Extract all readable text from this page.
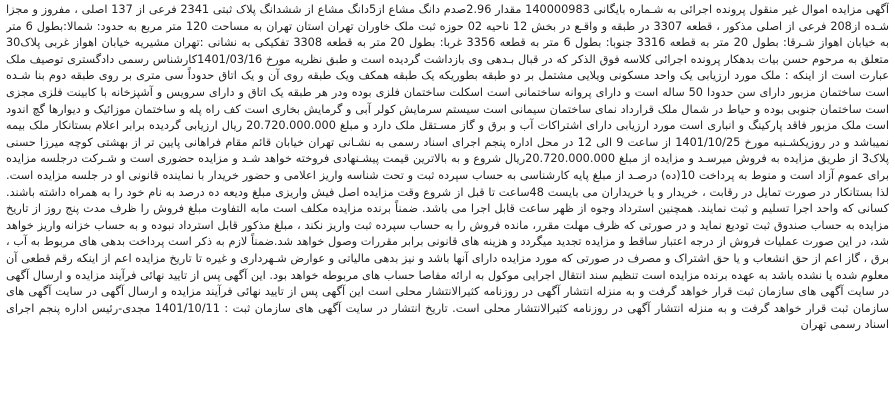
آگهی مزایده اموال غیر منقول پرونده اجرائی به شـماره بایگانی 140000983 مقدار 2.96صدم دانگ مشاع از5دانگ مشاع از ششدانگ پلاک ثبتی 2341 فرعی از 137 اصلی ، مفروز و مجزا شـده از208 فرعی از اصلی مذکور ، قطعه 3307 در طبقه و واقـع در بخش 12 ناحیه 02 حوزه ثبت ملک خاوران تهران استان تهران به مساحت 120 متر مربع به حدود: شمالا:بطول 6 متر به خیابان اهواز شـرقا: بطول 20 متر به قطعه 3316 جنوبا: بطول 6 متر به قطعه 3356 غربا: بطول 20 متر به قطعه 3308 تفکیکی به نشانی :تهران مشیریه خیابان اهواز غربی پلاک30 متعلق به مرحوم حسن بیات بدهکار پرونده اجرائی کلاسه فوق الذکر که در قبال بـدهی وی بازداشت گردیده است و طبق نظریه مورخ 1401/03/16کارشناس رسمی دادگستری توصیف ملک عبارت است از اینکه : ملک مورد ارزیابی یک واحد مسکونی ویلایی مشتمل بر دو طبقه بطوریکه یک طبقه همکف ویک طبقه روی آن و یک اتاق حدوداً سی متری بر روی طبقه دوم بنا شـده است ساختمان مزبور دارای سن حدودا 50 ساله است و دارای پروانه ساختمانی است اسکلت ساختمان فلزی بوده ودر هر طبقه یک اتاق و دارای سرویس و آشپزخانه با کابینت فلزی مجزی است ساختمان جنوبی بوده و حیاط در شمال ملک قرارداد نمای ساختمان سیمانی است سیستم سرمایش کولر آبی و گرمایش بخاری است کف راه پله و ساختمان موزائیک و دیوارها گچ اندود است ملک مزبور فاقد پارکینگ و انباری است مورد ارزیابی دارای اشتراکات آب و برق و گاز مسـتقل ملک دارد و مبلغ 20.720.000.000 ریال ارزیابی گردیده برابر اعلام بستانکار ملک بیمه نمیباشد و در روزیکشـنبه مورخ 1401/10/25 از ساعت 9 الی 12 در محل اداره پنجم اجرای اسناد رسمی به نشـانی تهران خیابان قائم مقام فراهانی پایین تر از بهشتی کوچه میرزا حسنی پلاک3 از طریق مزایده به فروش میرسـد و مزایده از مبلغ 20.720.000.000ریال شروع و به بالاترین قیمت پیشـنهادی فروخته خواهد شـد و مزایده حضوری است و شـرکت درجلسه مزایده برای عموم آزاد است و منوط به پرداخت 10(ده) درصـد از مبلغ پایه کارشناسی به حساب سپرده ثبت و تحت شناسه واریز اعلامی و حضور خریدار با نماینده قانونی او در جلسه مزایده است. لذا بستانکار در صورت تمایل در رقابت ، خریدار و یا خریداران می بایست 48ساعت تا قبل از شروع وقت مزایده اصل فیش واریزی مبلغ ودیعه ده درصد به نام خود را به همراه داشته باشند. کسانی که واحد اجرا تسلیم و ثبت نمایند. همچنین استرداد وجوه از ظهر ساعت قابل اجرا می باشد. ضمناً برنده مزایده مکلف است مابه التفاوت مبلغ فروش را ظرف مدت پنج روز از تاریخ مزایده به حساب صندوق ثبت تودیع نماید و در صورتی که ظرف مهلت مقرر، مانده فروش را به حساب سپرده ثبت واریز نکند ، مبلغ مذکور قابل استرداد نبوده و به حساب خزانه واریز خواهد شد، در این صورت عملیات فروش از درجه اعتبار ساقط و مزایده تجدید میگردد و هزینه های قانونی برابر مقررات وصول خواهد شد.ضمناً لازم به ذکر است پرداخت بدهی های مربوط به آب ، برق ، گاز اعم از حق انشعاب و یا حق اشتراک و مصرف در صورتی که مورد مزایده دارای آنها باشد و نیز بدهی مالیاتی و عوارض شـهرداری و غیره تا تاریخ مزایده اعم از اینکه رقم قطعی آن معلوم شده یا نشده باشد به عهده برنده مزایده است تنظیم سند انتقال اجرایی موکول به ارائه مفاصا حساب های مربوطه خواهد بود. این آگهی پس از تایید نهائی فرآیند مزایده و ارسال آگهی در سایت آگهی های سازمان ثبت قرار خواهد گرفت و به منزله انتشار آگهی در روزنامه کثیرالانتشار محلی است این آگهی پس از تایید نهائی فرآیند مزایده و ارسال آگهی در سایت آگهی های سازمان ثبت قرار خواهد گرفت و به منزله انتشار آگهی در روزنامه کثیرالانتشار محلی است. تاریخ انتشار در سایت آگهی های سازمان ثبت : 1401/10/11 مجدی-رئیس اداره پنجم اجرای اسناد رسمی تهران
